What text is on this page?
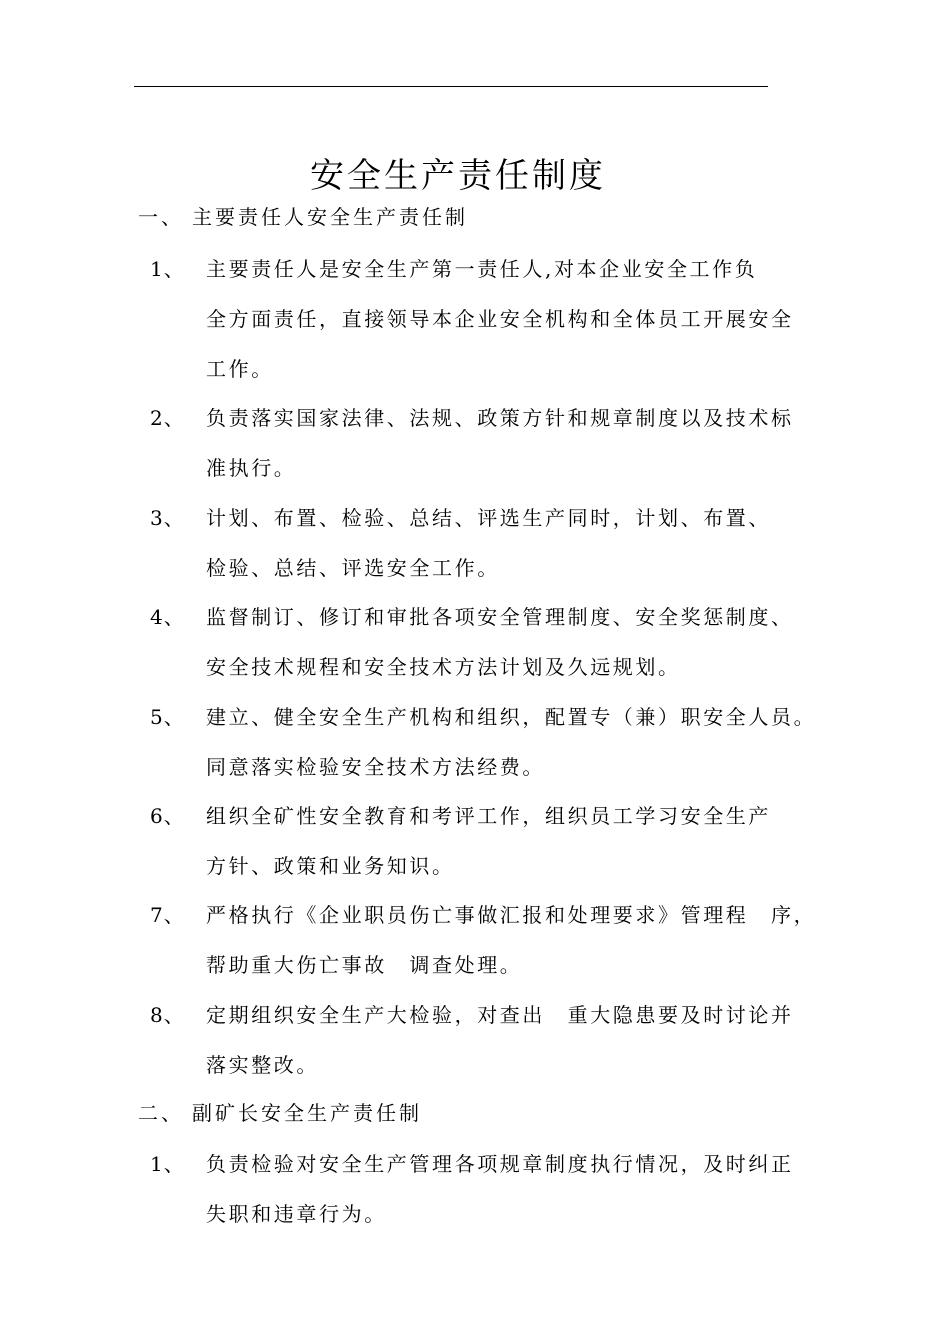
安全生产责任制度
一、 主要责任人安全生产责任制
1、 主要责任人是安全生产第一责任人,对本企业安全工作负
全方面责任，直接领导本企业安全机构和全体员工开展安全
工作。
2、 负责落实国家法律、法规、政策方针和规章制度以及技术标
准执行。
3、 计划、布置、检验、总结、评选生产同时，计划、布置、
检验、总结、评选安全工作。
4、 监督制订、修订和审批各项安全管理制度、安全奖惩制度、
安全技术规程和安全技术方法计划及久远规划。
5、 建立、健全安全生产机构和组织，配置专（兼）职安全人员。
同意落实检验安全技术方法经费。
6、 组织全矿性安全教育和考评工作，组织员工学习安全生产
方针、政策和业务知识。
7、 严格执行《企业职员伤亡事做汇报和处理要求》管理程　序，
帮助重大伤亡事故　调查处理。
8、 定期组织安全生产大检验，对查出　重大隐患要及时讨论并
落实整改。
二、 副矿长安全生产责任制
1、 负责检验对安全生产管理各项规章制度执行情况，及时纠正
失职和违章行为。
